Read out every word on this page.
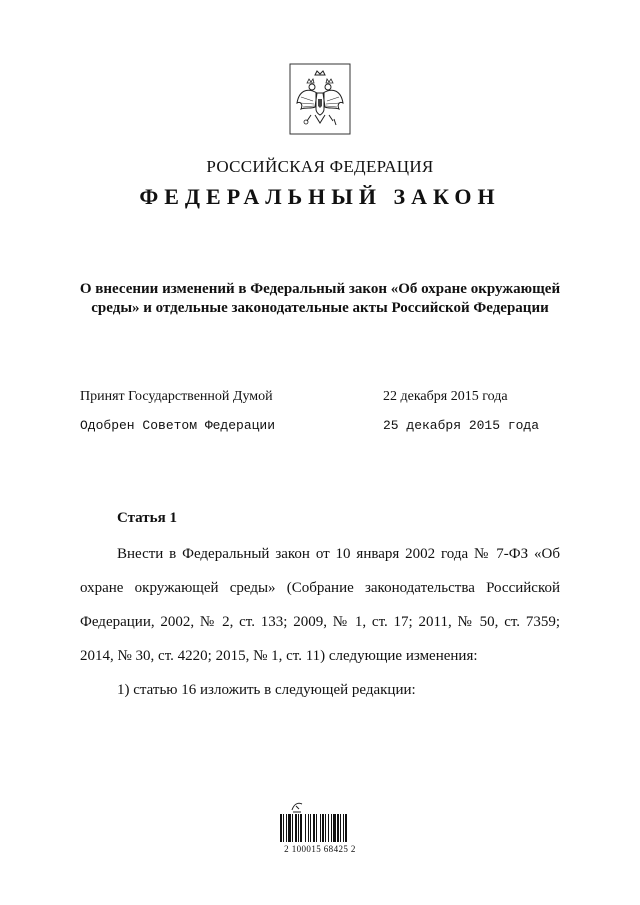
РОССИЙСКАЯ ФЕДЕРАЦИЯ
ФЕДЕРАЛЬНЫЙ ЗАКОН
О внесении изменений в Федеральный закон «Об охране окружающей среды» и отдельные законодательные акты Российской Федерации
Принят Государственной Думой	22 декабря 2015 года
Одобрен Советом Федерации	25 декабря 2015 года
Статья 1

Внести в Федеральный закон от 10 января 2002 года № 7-ФЗ «Об охране окружающей среды» (Собрание законодательства Российской Федерации, 2002, № 2, ст. 133; 2009, № 1, ст. 17; 2011, № 50, ст. 7359; 2014, № 30, ст. 4220; 2015, № 1, ст. 11) следующие изменения:

1) статью 16 изложить в следующей редакции:

2 100015 68425 2
